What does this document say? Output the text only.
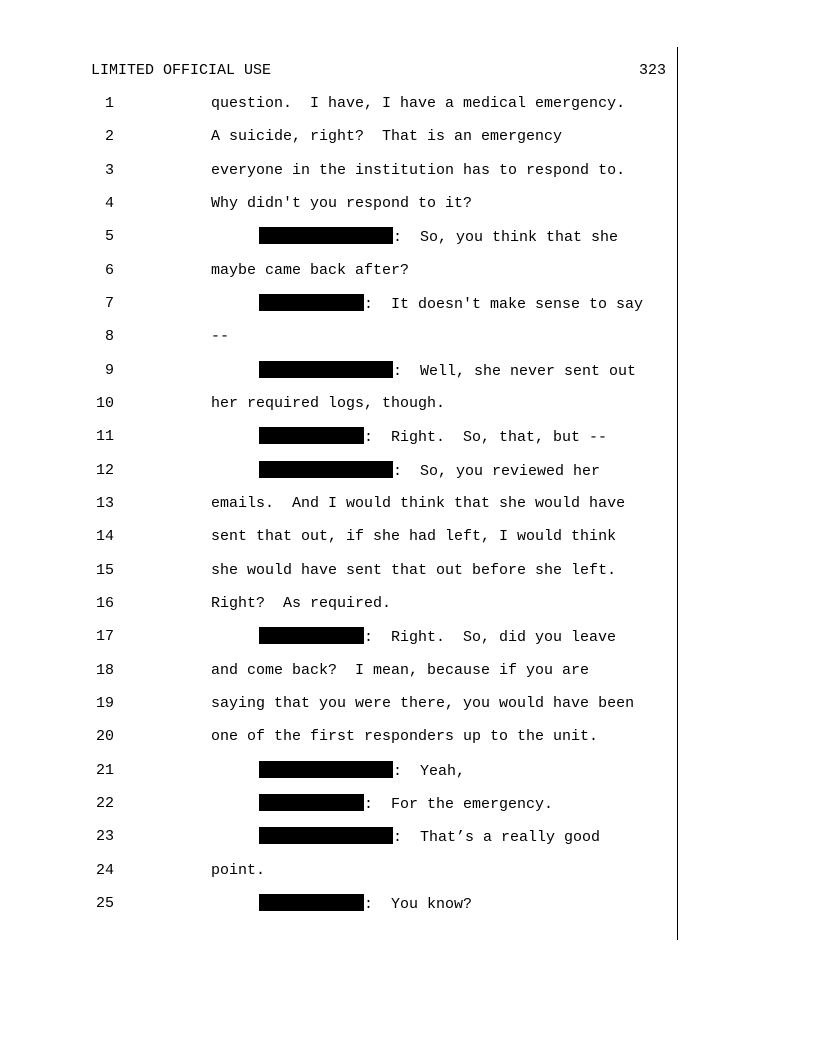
LIMITED OFFICIAL USE	323
1	question.  I have, I have a medical emergency.
2	A suicide, right?  That is an emergency
3	everyone in the institution has to respond to.
4	Why didn't you respond to it?
5	:  So, you think that she
6	maybe came back after?
7	:  It doesn't make sense to say
8	--
9	:  Well, she never sent out
10	her required logs, though.
11	:  Right.  So, that, but --
12	:  So, you reviewed her
13	emails.  And I would think that she would have
14	sent that out, if she had left, I would think
15	she would have sent that out before she left.
16	Right?  As required.
17	:  Right.  So, did you leave
18	and come back?  I mean, because if you are
19	saying that you were there, you would have been
20	one of the first responders up to the unit.
21	:  Yeah,
22	:  For the emergency.
23	:  That’s a really good
24	point.
25	:  You know?
